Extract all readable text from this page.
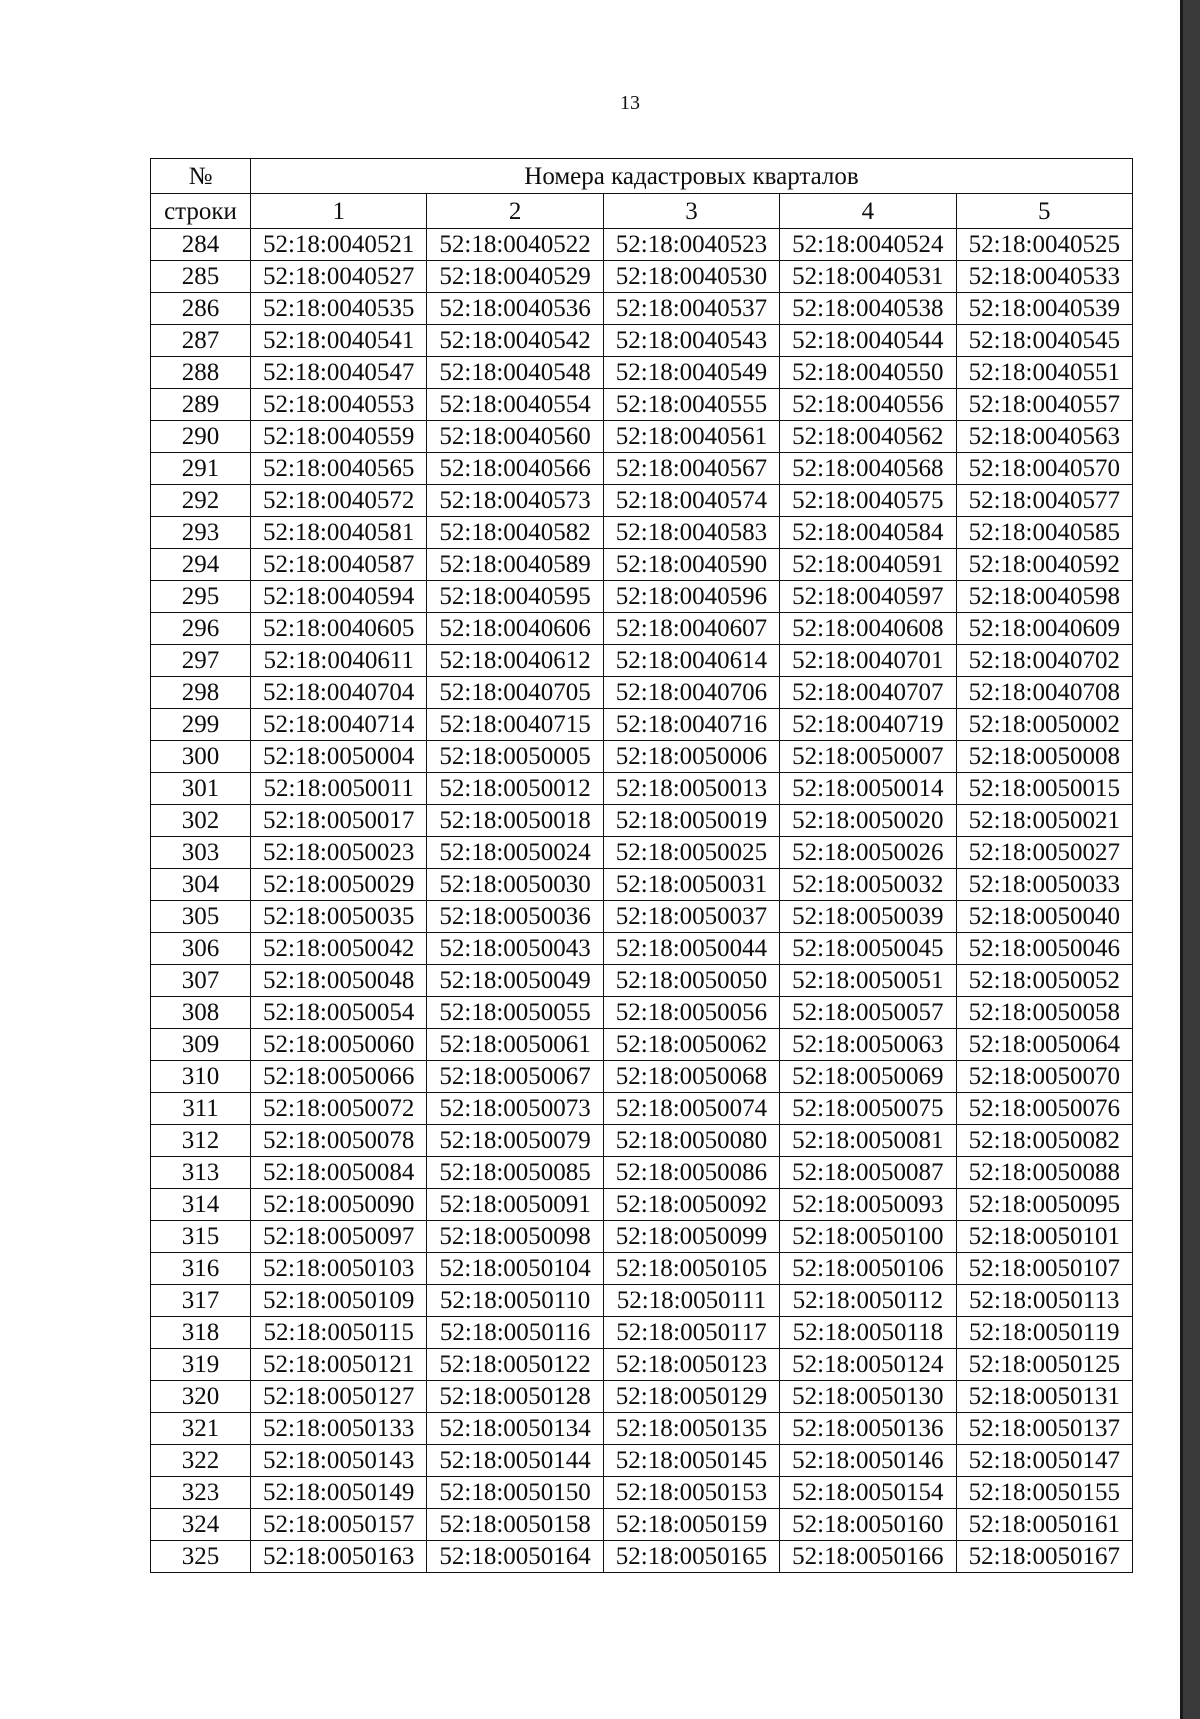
13
№	Номера кадастровых кварталов				
строки	1	2	3	4	5
284	52:18:0040521	52:18:0040522	52:18:0040523	52:18:0040524	52:18:0040525
285	52:18:0040527	52:18:0040529	52:18:0040530	52:18:0040531	52:18:0040533
286	52:18:0040535	52:18:0040536	52:18:0040537	52:18:0040538	52:18:0040539
287	52:18:0040541	52:18:0040542	52:18:0040543	52:18:0040544	52:18:0040545
288	52:18:0040547	52:18:0040548	52:18:0040549	52:18:0040550	52:18:0040551
289	52:18:0040553	52:18:0040554	52:18:0040555	52:18:0040556	52:18:0040557
290	52:18:0040559	52:18:0040560	52:18:0040561	52:18:0040562	52:18:0040563
291	52:18:0040565	52:18:0040566	52:18:0040567	52:18:0040568	52:18:0040570
292	52:18:0040572	52:18:0040573	52:18:0040574	52:18:0040575	52:18:0040577
293	52:18:0040581	52:18:0040582	52:18:0040583	52:18:0040584	52:18:0040585
294	52:18:0040587	52:18:0040589	52:18:0040590	52:18:0040591	52:18:0040592
295	52:18:0040594	52:18:0040595	52:18:0040596	52:18:0040597	52:18:0040598
296	52:18:0040605	52:18:0040606	52:18:0040607	52:18:0040608	52:18:0040609
297	52:18:0040611	52:18:0040612	52:18:0040614	52:18:0040701	52:18:0040702
298	52:18:0040704	52:18:0040705	52:18:0040706	52:18:0040707	52:18:0040708
299	52:18:0040714	52:18:0040715	52:18:0040716	52:18:0040719	52:18:0050002
300	52:18:0050004	52:18:0050005	52:18:0050006	52:18:0050007	52:18:0050008
301	52:18:0050011	52:18:0050012	52:18:0050013	52:18:0050014	52:18:0050015
302	52:18:0050017	52:18:0050018	52:18:0050019	52:18:0050020	52:18:0050021
303	52:18:0050023	52:18:0050024	52:18:0050025	52:18:0050026	52:18:0050027
304	52:18:0050029	52:18:0050030	52:18:0050031	52:18:0050032	52:18:0050033
305	52:18:0050035	52:18:0050036	52:18:0050037	52:18:0050039	52:18:0050040
306	52:18:0050042	52:18:0050043	52:18:0050044	52:18:0050045	52:18:0050046
307	52:18:0050048	52:18:0050049	52:18:0050050	52:18:0050051	52:18:0050052
308	52:18:0050054	52:18:0050055	52:18:0050056	52:18:0050057	52:18:0050058
309	52:18:0050060	52:18:0050061	52:18:0050062	52:18:0050063	52:18:0050064
310	52:18:0050066	52:18:0050067	52:18:0050068	52:18:0050069	52:18:0050070
311	52:18:0050072	52:18:0050073	52:18:0050074	52:18:0050075	52:18:0050076
312	52:18:0050078	52:18:0050079	52:18:0050080	52:18:0050081	52:18:0050082
313	52:18:0050084	52:18:0050085	52:18:0050086	52:18:0050087	52:18:0050088
314	52:18:0050090	52:18:0050091	52:18:0050092	52:18:0050093	52:18:0050095
315	52:18:0050097	52:18:0050098	52:18:0050099	52:18:0050100	52:18:0050101
316	52:18:0050103	52:18:0050104	52:18:0050105	52:18:0050106	52:18:0050107
317	52:18:0050109	52:18:0050110	52:18:0050111	52:18:0050112	52:18:0050113
318	52:18:0050115	52:18:0050116	52:18:0050117	52:18:0050118	52:18:0050119
319	52:18:0050121	52:18:0050122	52:18:0050123	52:18:0050124	52:18:0050125
320	52:18:0050127	52:18:0050128	52:18:0050129	52:18:0050130	52:18:0050131
321	52:18:0050133	52:18:0050134	52:18:0050135	52:18:0050136	52:18:0050137
322	52:18:0050143	52:18:0050144	52:18:0050145	52:18:0050146	52:18:0050147
323	52:18:0050149	52:18:0050150	52:18:0050153	52:18:0050154	52:18:0050155
324	52:18:0050157	52:18:0050158	52:18:0050159	52:18:0050160	52:18:0050161
325	52:18:0050163	52:18:0050164	52:18:0050165	52:18:0050166	52:18:0050167
